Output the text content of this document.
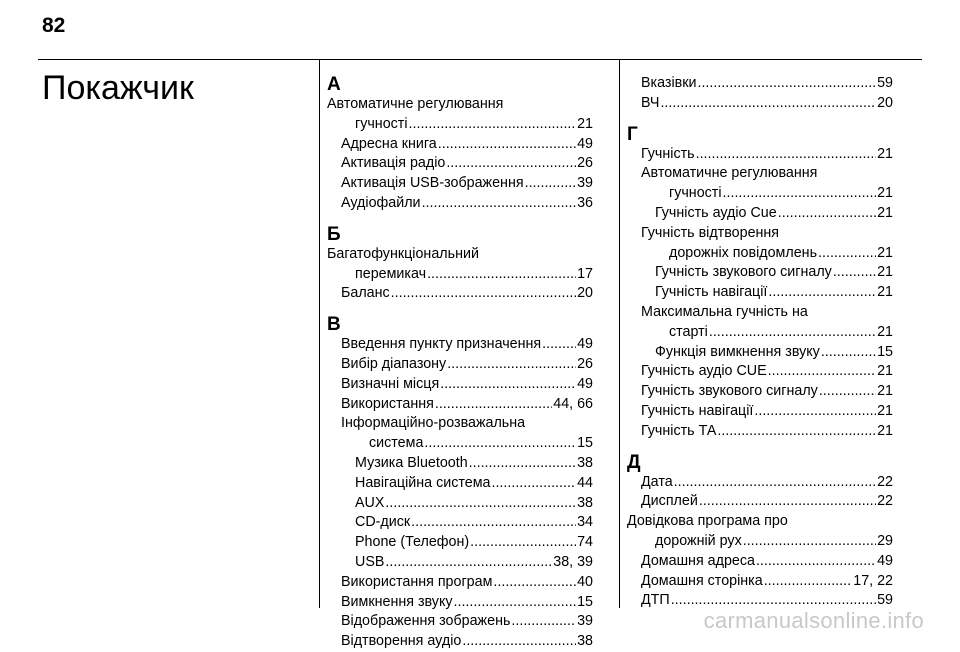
82
Покажчик	А
Автоматичне регулювання
гучності .....	21
Адресна книга .....	49
Активація радіо .....	26
Активація USB-зображення .....	39
Аудіофайли .....	36
Б
Багатофункціональний
перемикач .....	17
Баланс .....	20
В
Введення пункту призначення .....	49
Вибір діапазону .....	26
Визначні місця .....	49
Використання .....	44, 66
Інформаційно-розважальна
система .....	15
Музика Bluetooth .....	38
Навігаційна система .....	44
AUX .....	38
CD-диск .....	34
Phone (Телефон) .....	74
USB .....	38, 39
Використання програм .....	40
Вимкнення звуку .....	15
Відображення зображень .....	39
Відтворення аудіо .....	38
Вказівки .....	59
ВЧ .....	20
Г
Гучність .....	21
Автоматичне регулювання
гучності .....	21
Гучність аудіо Cue .....	21
Гучність відтворення
дорожніх повідомлень .....	21
Гучність звукового сигналу .....	21
Гучність навігації .....	21
Максимальна гучність на
старті .....	21
Функція вимкнення звуку .....	15
Гучність аудіо CUE .....	21
Гучність звукового сигналу .....	21
Гучність навігації .....	21
Гучність ТА .....	21
Д
Дата .....	22
Дисплей .....	22
Довідкова програма про
дорожній рух .....	29
Домашня адреса .....	49
Домашня сторінка .....	17, 22
ДТП .....	59
carmanualsonline.info
